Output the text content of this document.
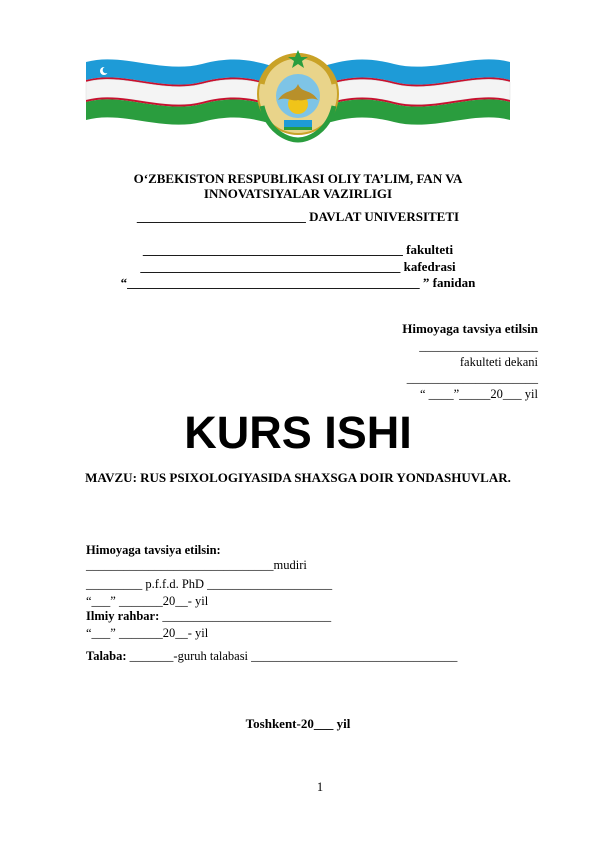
O‘ZBEKISTON RESPUBLIKASI OLIY TA’LIM, FAN VA
INNOVATSIYALAR VAZIRLIGI
__________________________ DAVLAT UNIVERSITETI
________________________________________ fakulteti
________________________________________ kafedrasi
“_____________________________________________ ” fanidan
Himoyaga tavsiya etilsin
___________________
fakulteti dekani
_____________________
“ ____”_____20___ yil
KURS ISHI
MAVZU: RUS PSIXOLOGIYASIDA SHAXSGA DOIR YONDASHUVLAR.
Himoyaga tavsiya etilsin:
______________________________mudiri
_________ p.f.f.d. PhD ____________________
“___” _______20__- yil
Ilmiy rahbar: ___________________________
“___” _______20__- yil
Talaba: _______-guruh talabasi _________________________________
Toshkent-20___ yil
1
